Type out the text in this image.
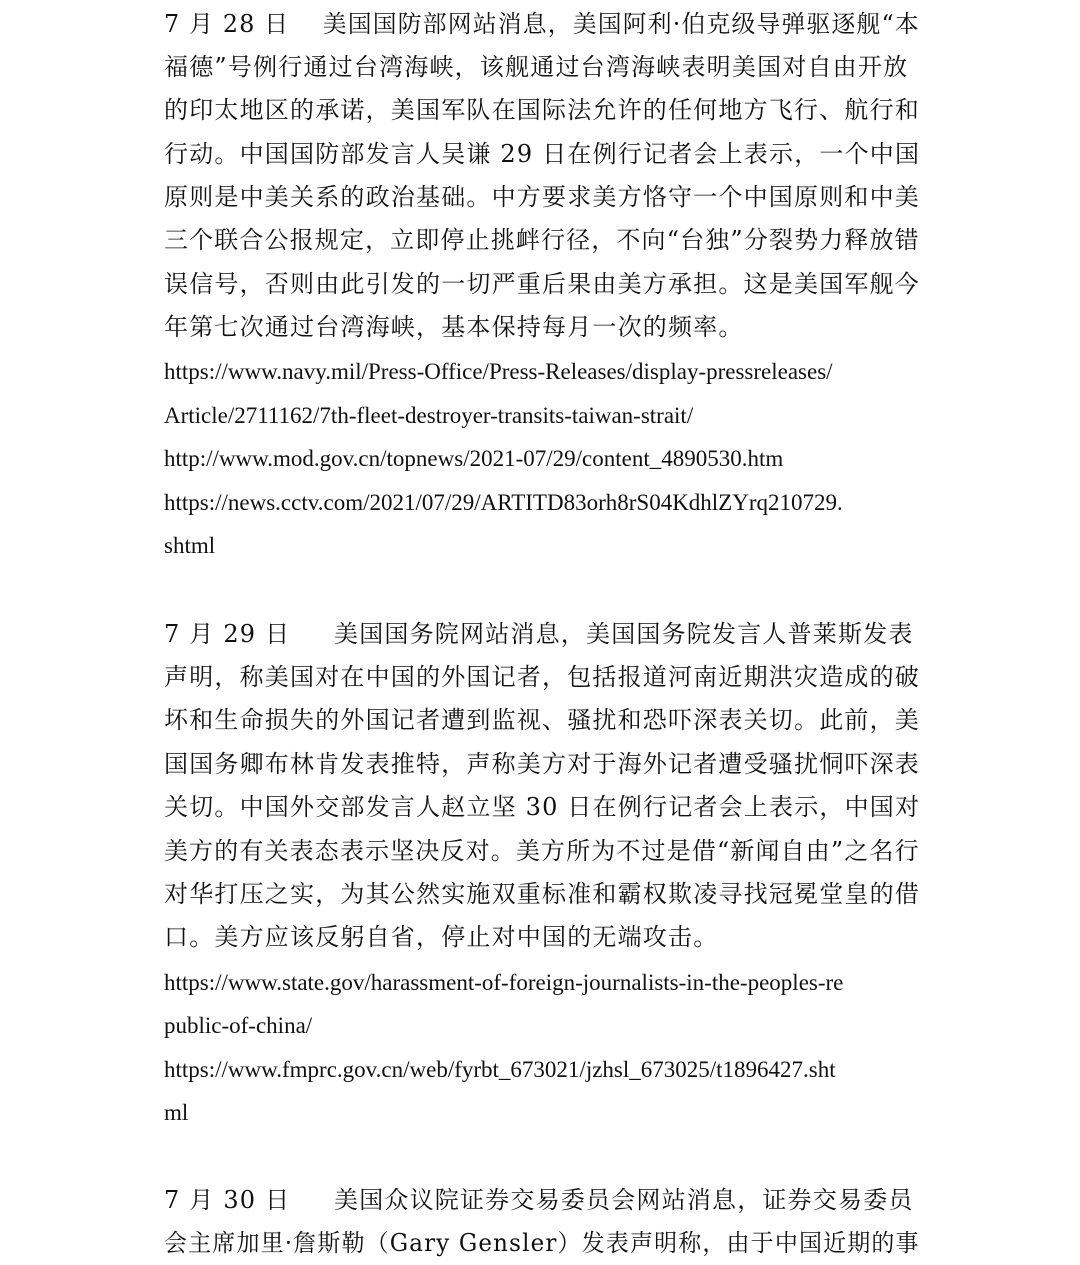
7 月 28 日 美国国防部网站消息，美国阿利·伯克级导弹驱逐舰“本
福德”号例行通过台湾海峡，该舰通过台湾海峡表明美国对自由开放
的印太地区的承诺，美国军队在国际法允许的任何地方飞行、航行和
行动。中国国防部发言人吴谦 29 日在例行记者会上表示，一个中国
原则是中美关系的政治基础。中方要求美方恪守一个中国原则和中美
三个联合公报规定，立即停止挑衅行径，不向“台独”分裂势力释放错
误信号，否则由此引发的一切严重后果由美方承担。这是美国军舰今
年第七次通过台湾海峡，基本保持每月一次的频率。
https://www.navy.mil/Press-Office/Press-Releases/display-pressreleases/
Article/2711162/7th-fleet-destroyer-transits-taiwan-strait/
http://www.mod.gov.cn/topnews/2021-07/29/content_4890530.htm
https://news.cctv.com/2021/07/29/ARTITD83orh8rS04KdhlZYrq210729.
shtml
7 月 29 日 美国国务院网站消息，美国国务院发言人普莱斯发表
声明，称美国对在中国的外国记者，包括报道河南近期洪灾造成的破
坏和生命损失的外国记者遭到监视、骚扰和恐吓深表关切。此前，美
国国务卿布林肯发表推特，声称美方对于海外记者遭受骚扰恫吓深表
关切。中国外交部发言人赵立坚 30 日在例行记者会上表示，中国对
美方的有关表态表示坚决反对。美方所为不过是借“新闻自由”之名行
对华打压之实，为其公然实施双重标准和霸权欺凌寻找冠冕堂皇的借
口。美方应该反躬自省，停止对中国的无端攻击。
https://www.state.gov/harassment-of-foreign-journalists-in-the-peoples-re
public-of-china/
https://www.fmprc.gov.cn/web/fyrbt_673021/jzhsl_673025/t1896427.sht
ml
7 月 30 日 美国众议院证券交易委员会网站消息，证券交易委员
会主席加里·詹斯勒（Gary Gensler）发表声明称，由于中国近期的事
